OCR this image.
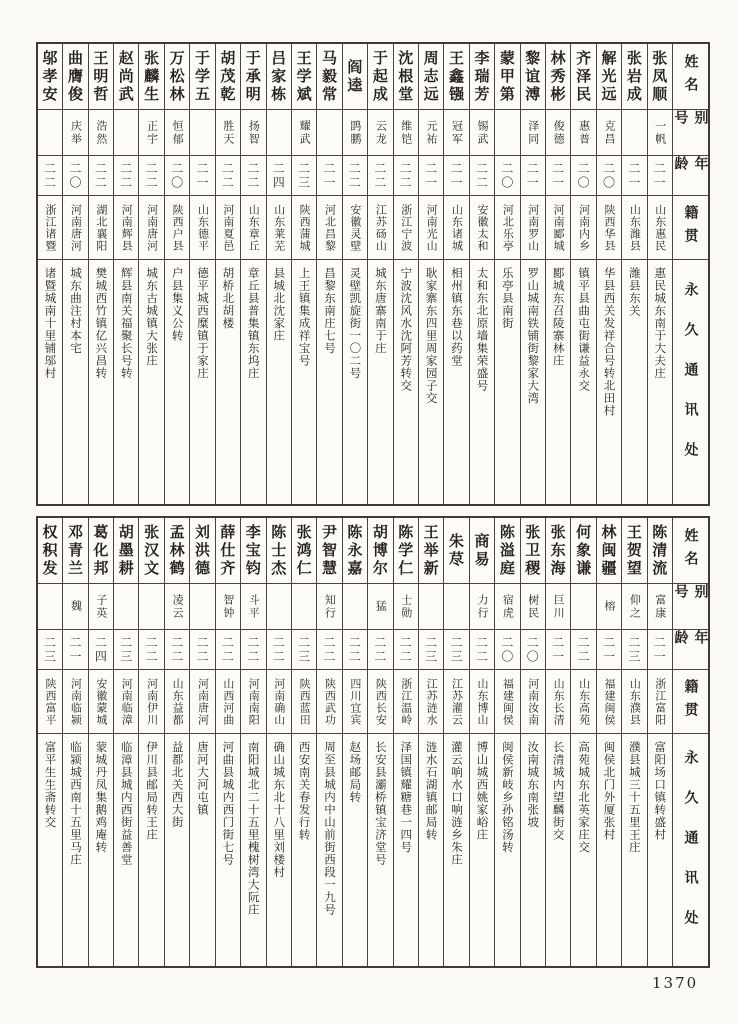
姓名
别号
年龄
籍贯
永久通讯处
张凤顺
一帆
二一
山东惠民
惠民城东南于大夫庄
张岩成
二一
山东潍县
潍县东关
解光远
克昌
二〇
陕西华县
华县西关发祥合号转北田村
齐泽民
惠普
二〇
河南内乡
镇平县曲屯街谦益永交
林秀彬
俊德
二一
河南郾城
郾城东召陵寨林庄
黎谊溥
泽同
二一
河南罗山
罗山城南铁铺街黎家大湾
蒙甲第
二〇
河北乐亭
乐亭县南街
李瑞芳
锡武
二二
安徽太和
太和东北原墙集荣盛号
王鑫镪
冠军
二一
山东诸城
相州镇东巷以药堂
周志远
元祐
二一
河南光山
耿家寨东四里周家园子交
沈根堂
维铠
二二
浙江宁波
宁波沈风水沈阿芳转交
于起成
云龙
二二
江苏砀山
城东唐寨南于庄
阎逵
鹍鹏
二二
安徽灵壁
灵壁凯旋街一〇二号
马毅常
二一
河北昌黎
昌黎东南庄七号
王学斌
耀武
二三
陕西蒲城
上王镇集成祥宝号
吕家栋
二四
山东莱芜
县城北沈家庄
于承明
扬智
二二
山东章丘
章丘县普集镇东坞庄
胡茂乾
胜天
二二
河南夏邑
胡桥北胡楼
于学五
二一
山东德平
德平城西糜镇于家庄
万松林
恒郁
二〇
陕西户县
户县集义公转
张麟生
正宇
二二
河南唐河
城东古城镇大张庄
赵尚武
二二
河南辉县
辉县南关福聚长号转
王明哲
浩然
二二
湖北襄阳
樊城西竹镇亿兴昌转
曲膺俊
庆举
二〇
河南唐河
城东曲注村本宅
邬孝安
二二
浙江诸暨
诸暨城南十里铺邬村
姓名
别号
年龄
籍贯
永久通讯处
陈清流
富康
二一
浙江富阳
富阳场口镇转盛村
王贺望
仰之
二三
山东濮县
濮县城三十五里王庄
林闽疆
榕
二一
福建闽侯
闽侯北门外厦张村
何象谦
二二
山东高苑
高苑城东北英家庄交
张东海
巨川
二一
山东长清
长清城内望麟街交
张卫稷
树民
二〇
河南汝南
汝南城东南张坡
陈溢庭
宿虎
二〇
福建闽侯
闽侯新岐乡孙铭汤转
商易
力行
二二
山东博山
博山城西姚家峪庄
朱荩
二三
江苏灌云
灌云响水口响涟乡朱庄
王举新
二三
江苏涟水
涟水石湖镇邮局转
陈学仁
士勋
二二
浙江温岭
泽国镇耀糖巷一四号
胡博尔
猛
二二
陕西长安
长安县灞桥镇宝济堂号
陈永嘉
二二
四川宜宾
赵场邮局转
尹智慧
知行
二二
陕西武功
周至县城内中山前街西段一九号
张鸿仁
二三
陕西蓝田
西安南关春发行转
陈士杰
二二
河南确山
确山城东北十八里刘楼村
李宝钧
斗平
二二
河南南阳
南阳城北二十五里槐树湾大阮庄
薛仕齐
智钟
二二
山西河曲
河曲县城内西门街七号
刘洪德
二二
河南唐河
唐河大河屯镇
孟林鹤
凌云
二二
山东益都
益都北关西大街
张汉文
二二
河南伊川
伊川县邮局转王庄
胡墨耕
二三
河南临漳
临漳县城内西街益善堂
葛化邦
子英
二四
安徽蒙城
蒙城丹凤集鹅鸡庵转
邓青兰
魏
二一
河南临颍
临颍城西南十五里马庄
权积发
二三
陕西富平
富平生生斋转交
1370
